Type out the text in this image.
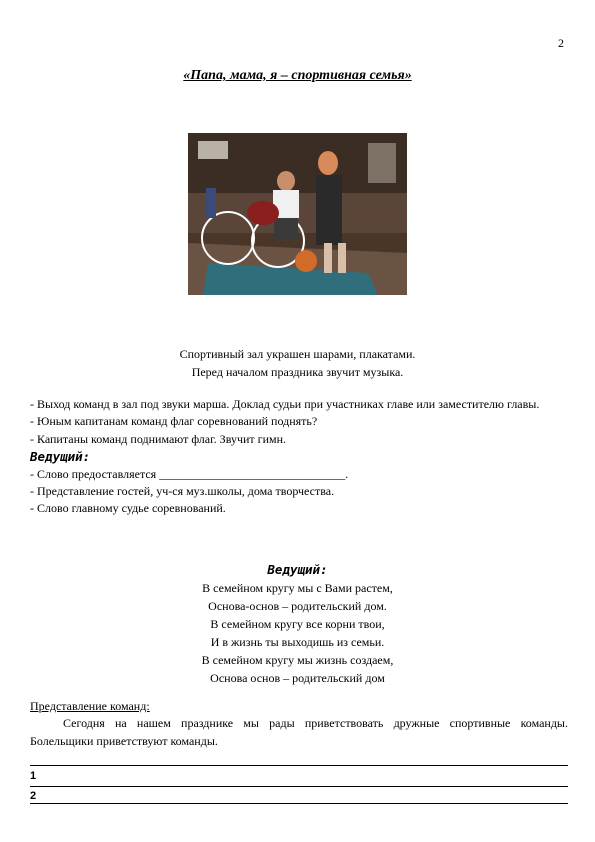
2
«Папа, мама, я – спортивная семья»
Спортивный зал украшен шарами, плакатами.
Перед началом праздника звучит музыка.
- Выход команд в зал под звуки марша. Доклад судьи при участниках главе или заместителю главы.
- Юным капитанам команд флаг соревнований поднять?
- Капитаны команд поднимают флаг. Звучит гимн.
Ведущий:
- Слово предоставляется _______________________________.
- Представление гостей, уч-ся муз.школы, дома творчества.
- Слово главному судье соревнований.
Ведущий:
В семейном кругу мы с Вами растем,
Основа-основ – родительский дом.
В семейном кругу все корни твои,
И в жизнь ты выходишь из семьи.
В семейном кругу мы жизнь создаем,
Основа основ – родительский дом
Представление команд:
Сегодня на нашем празднике мы рады приветствовать дружные спортивные команды. Болельщики приветствуют команды.
1
2
